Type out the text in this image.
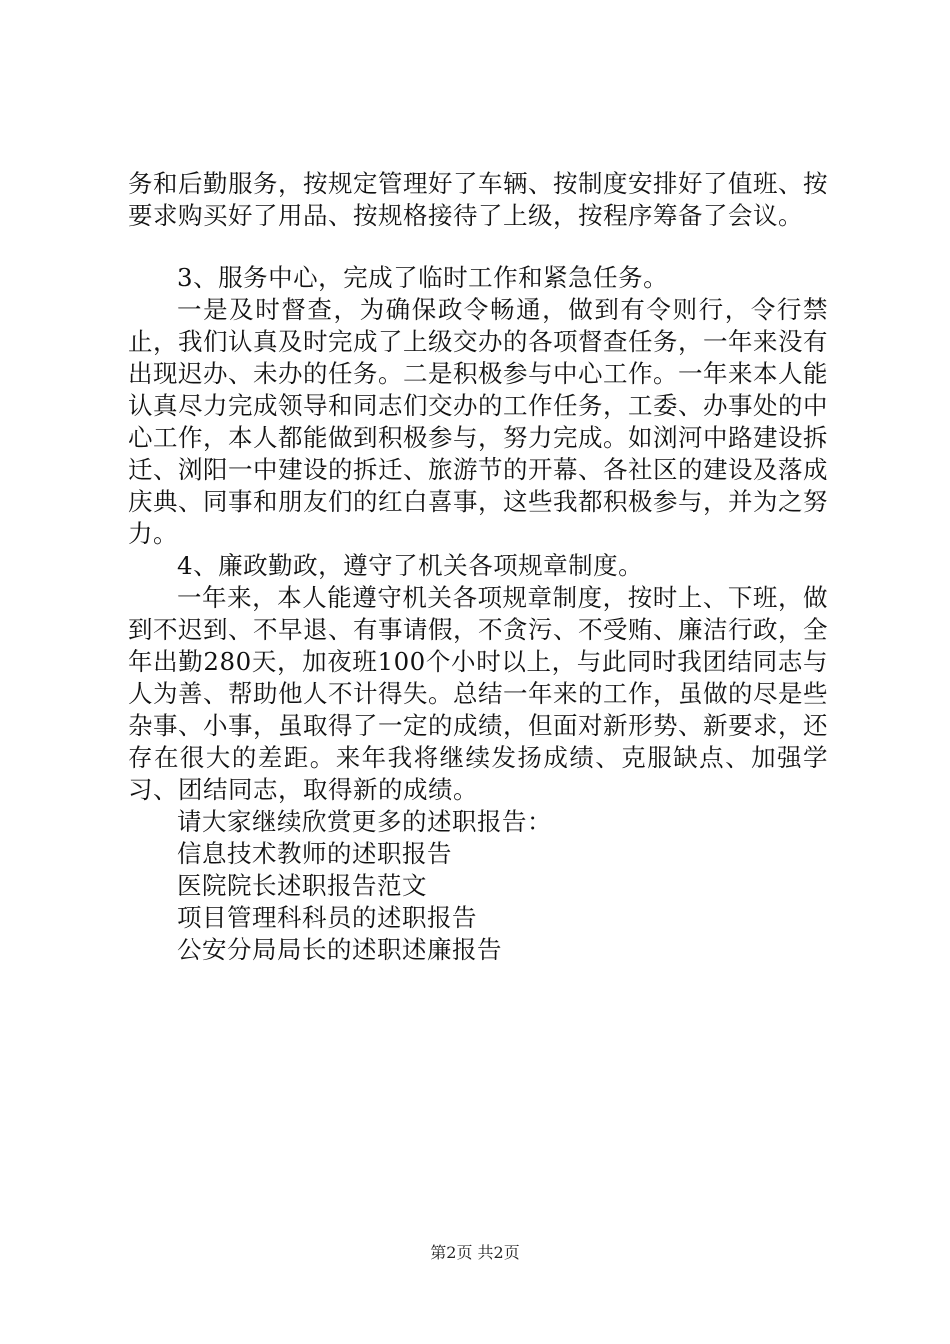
务和后勤服务，按规定管理好了车辆、按制度安排好了值班、按要求购买好了用品、按规格接待了上级，按程序筹备了会议。

3、服务中心，完成了临时工作和紧急任务。

一是及时督查，为确保政令畅通，做到有令则行，令行禁止，我们认真及时完成了上级交办的各项督查任务，一年来没有出现迟办、未办的任务。二是积极参与中心工作。一年来本人能认真尽力完成领导和同志们交办的工作任务，工委、办事处的中心工作，本人都能做到积极参与，努力完成。如浏河中路建设拆迁、浏阳一中建设的拆迁、旅游节的开幕、各社区的建设及落成庆典、同事和朋友们的红白喜事，这些我都积极参与，并为之努力。

4、廉政勤政，遵守了机关各项规章制度。

一年来，本人能遵守机关各项规章制度，按时上、下班，做到不迟到、不早退、有事请假，不贪污、不受贿、廉洁行政，全年出勤280天，加夜班100个小时以上，与此同时我团结同志与人为善、帮助他人不计得失。总结一年来的工作，虽做的尽是些杂事、小事，虽取得了一定的成绩，但面对新形势、新要求，还存在很大的差距。来年我将继续发扬成绩、克服缺点、加强学习、团结同志，取得新的成绩。

请大家继续欣赏更多的述职报告：

信息技术教师的述职报告

医院院长述职报告范文

项目管理科科员的述职报告

公安分局局长的述职述廉报告

第2页 共2页
